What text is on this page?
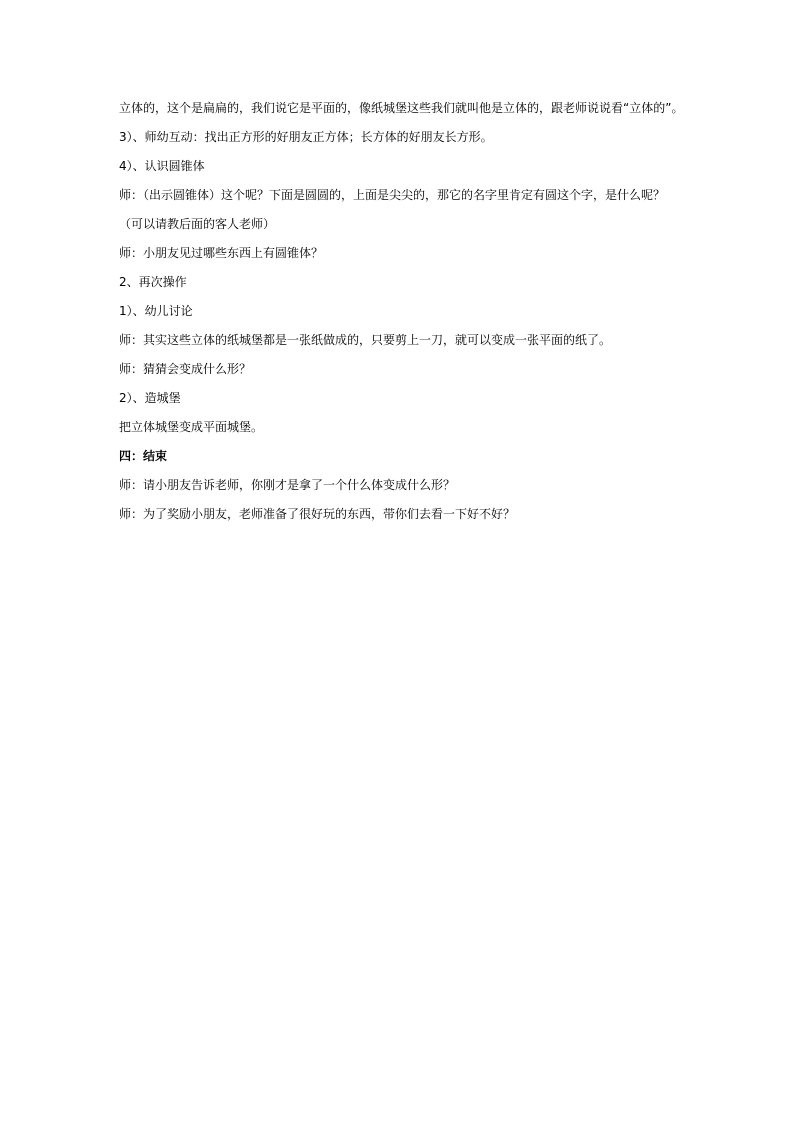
立体的，这个是扁扁的，我们说它是平面的，像纸城堡这些我们就叫他是立体的，跟老师说说看“立体的”。
3）、师幼互动：找出正方形的好朋友正方体；长方体的好朋友长方形。
4）、认识圆锥体
师：（出示圆锥体）这个呢？下面是圆圆的，上面是尖尖的，那它的名字里肯定有圆这个字，是什么呢？
（可以请教后面的客人老师）
师：小朋友见过哪些东西上有圆锥体？
2、再次操作
1）、幼儿讨论
师：其实这些立体的纸城堡都是一张纸做成的，只要剪上一刀，就可以变成一张平面的纸了。
师：猜猜会变成什么形？
2）、造城堡
把立体城堡变成平面城堡。
四：结束
师：请小朋友告诉老师，你刚才是拿了一个什么体变成什么形？
师：为了奖励小朋友，老师准备了很好玩的东西，带你们去看一下好不好？
